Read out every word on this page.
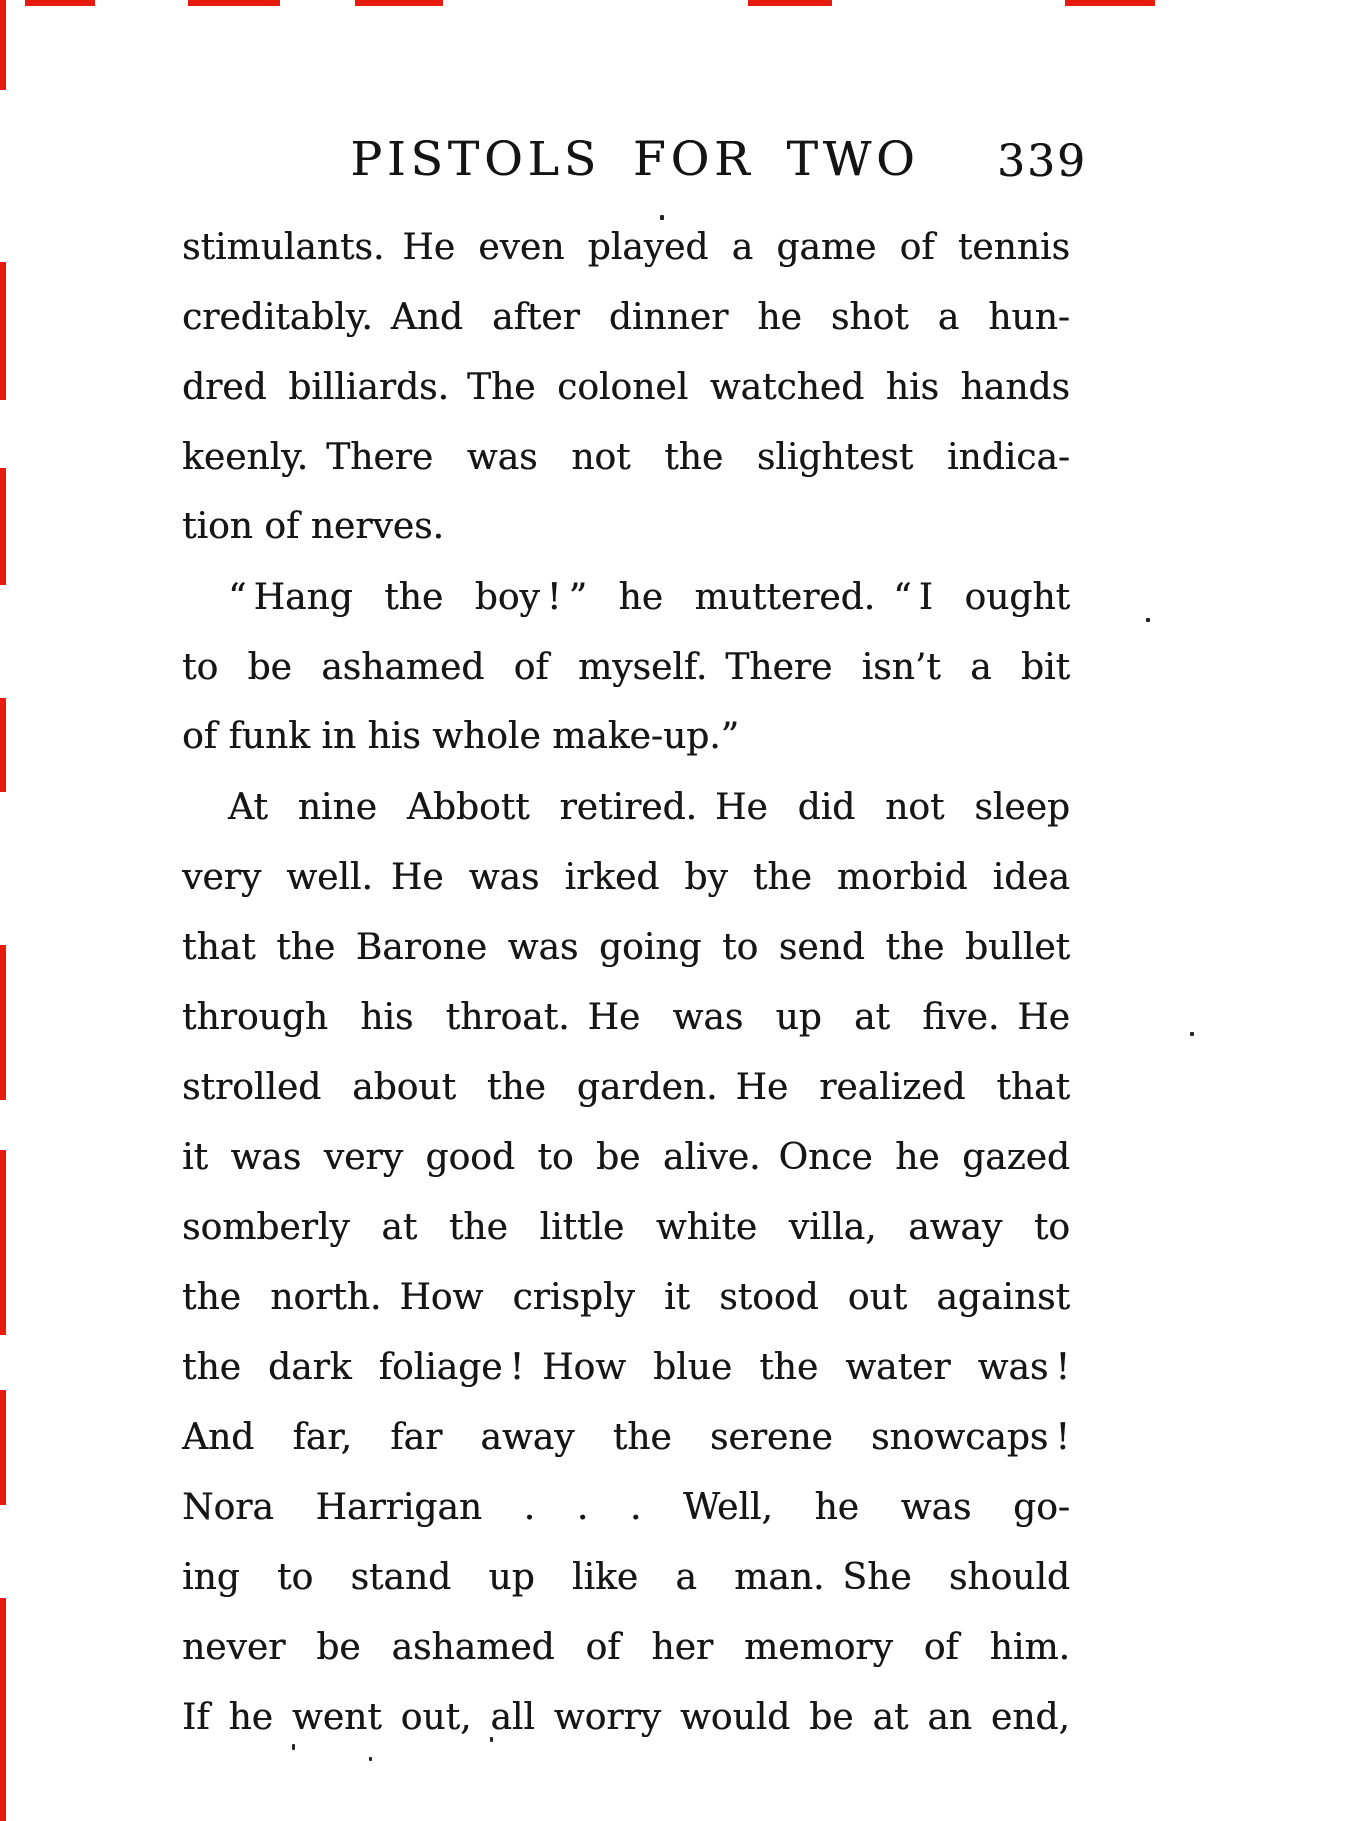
PISTOLS FOR TWO 339
stimulants. He even played a game of tennis
creditably. And after dinner he shot a hun-
dred billiards. The colonel watched his hands
keenly. There was not the slightest indica-
tion of nerves.
“ Hang the boy ! ” he muttered. “ I ought
to be ashamed of myself. There isn’t a bit
of funk in his whole make-up.”
At nine Abbott retired. He did not sleep
very well. He was irked by the morbid idea
that the Barone was going to send the bullet
through his throat. He was up at five. He
strolled about the garden. He realized that
it was very good to be alive. Once he gazed
somberly at the little white villa, away to
the north. How crisply it stood out against
the dark foliage ! How blue the water was !
And far, far away the serene snowcaps !
Nora Harrigan . . . Well, he was go-
ing to stand up like a man. She should
never be ashamed of her memory of him.
If he went out, all worry would be at an end,
